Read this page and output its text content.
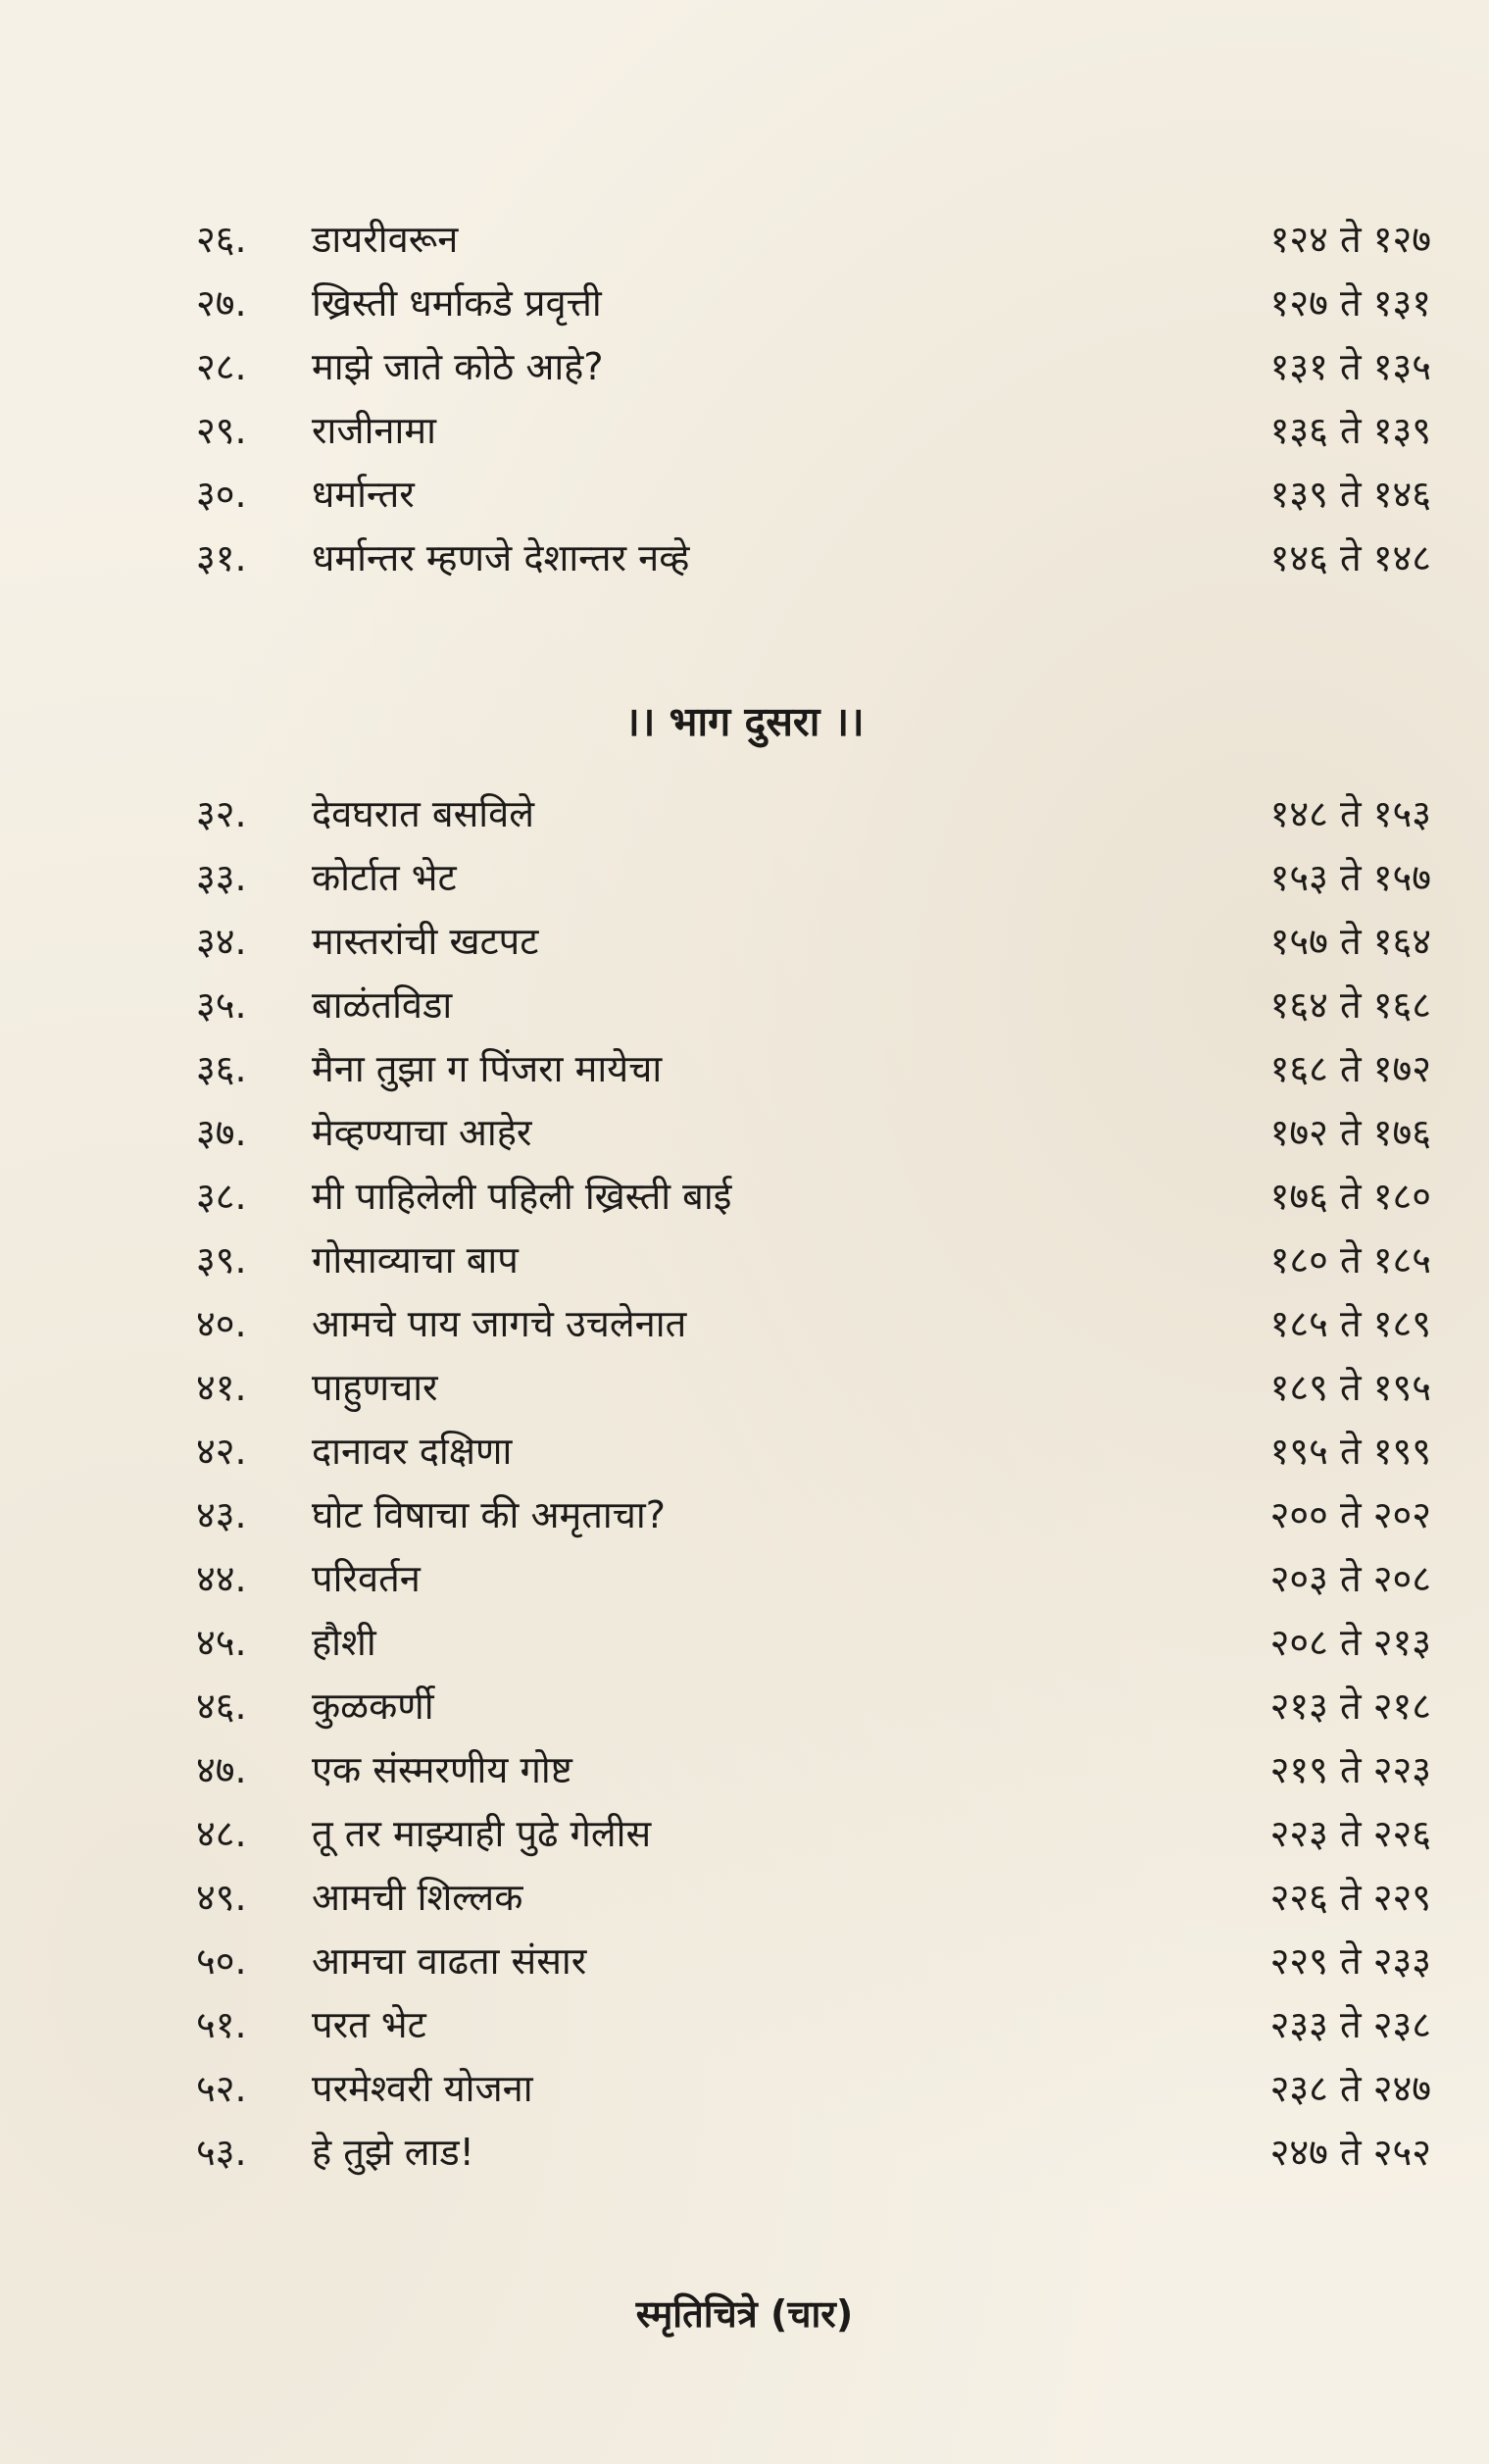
२६. डायरीवरून	१२४ ते १२७
२७. ख्रिस्ती धर्माकडे प्रवृत्ती	१२७ ते १३१
२८. माझे जाते कोठे आहे?	१३१ ते १३५
२९. राजीनामा	१३६ ते १३९
३०. धर्मान्तर	१३९ ते १४६
३१. धर्मान्तर म्हणजे देशान्तर नव्हे	१४६ ते १४८
।। भाग दुसरा ।।
३२. देवघरात बसविले	१४८ ते १५३
३३. कोर्टात भेट	१५३ ते १५७
३४. मास्तरांची खटपट	१५७ ते १६४
३५. बाळंतविडा	१६४ ते १६८
३६. मैना तुझा ग पिंजरा मायेचा	१६८ ते १७२
३७. मेव्हण्याचा आहेर	१७२ ते १७६
३८. मी पाहिलेली पहिली ख्रिस्ती बाई	१७६ ते १८०
३९. गोसाव्याचा बाप	१८० ते १८५
४०. आमचे पाय जागचे उचलेनात	१८५ ते १८९
४१. पाहुणचार	१८९ ते १९५
४२. दानावर दक्षिणा	१९५ ते १९९
४३. घोट विषाचा की अमृताचा?	२०० ते २०२
४४. परिवर्तन	२०३ ते २०८
४५. हौशी	२०८ ते २१३
४६. कुळकर्णी	२१३ ते २१८
४७. एक संस्मरणीय गोष्ट	२१९ ते २२३
४८. तू तर माझ्याही पुढे गेलीस	२२३ ते २२६
४९. आमची शिल्लक	२२६ ते २२९
५०. आमचा वाढता संसार	२२९ ते २३३
५१. परत भेट	२३३ ते २३८
५२. परमेश्वरी योजना	२३८ ते २४७
५३. हे तुझे लाड!	२४७ ते २५२
स्मृतिचित्रे (चार)
